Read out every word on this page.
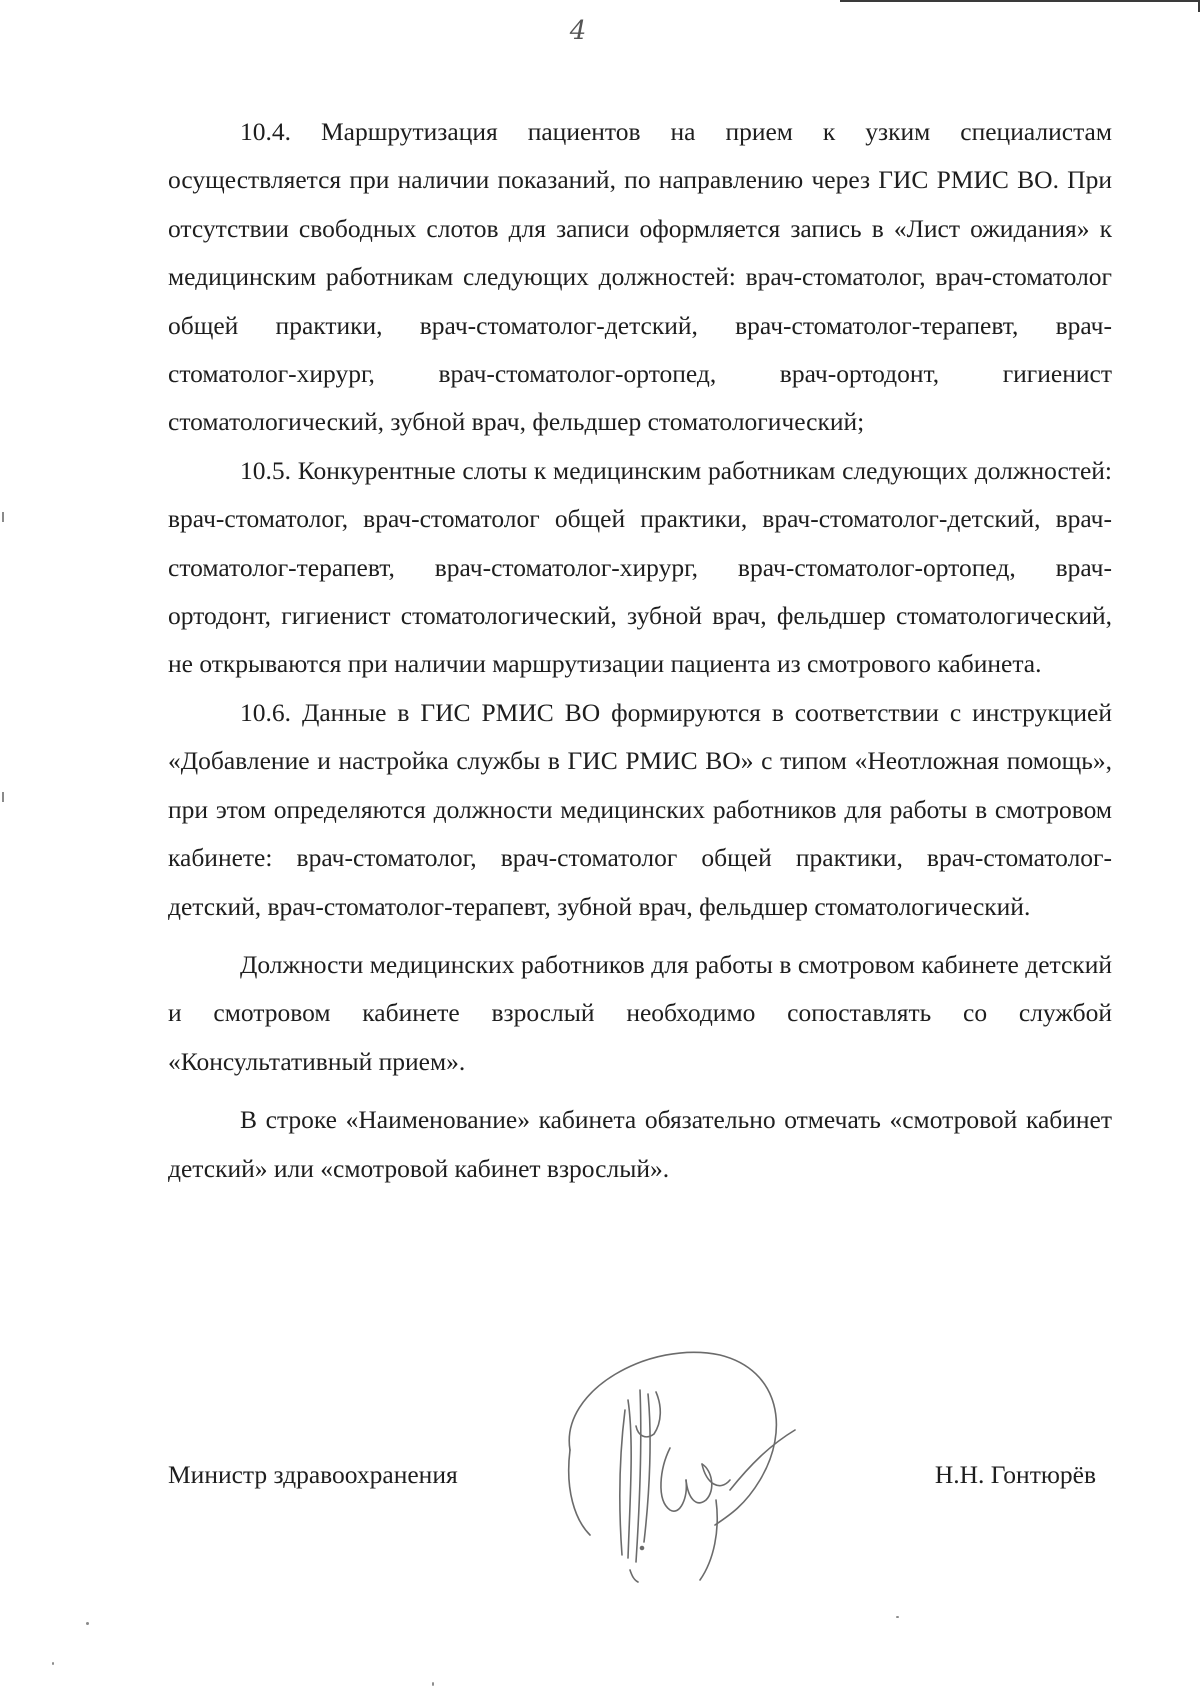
4

10.4. Маршрутизация пациентов на прием к узким специалистам осуществляется при наличии показаний, по направлению через ГИС РМИС ВО. При отсутствии свободных слотов для записи оформляется запись в «Лист ожидания» к медицинским работникам следующих должностей: врач-стоматолог, врач-стоматолог общей практики, врач-стоматолог-детский, врач-стоматолог-терапевт, врач-стоматолог-хирург, врач-стоматолог-ортопед, врач-ортодонт, гигиенист стоматологический, зубной врач, фельдшер стоматологический;

10.5. Конкурентные слоты к медицинским работникам следующих должностей: врач-стоматолог, врач-стоматолог общей практики, врач-стоматолог-детский, врач-стоматолог-терапевт, врач-стоматолог-хирург, врач-стоматолог-ортопед, врач-ортодонт, гигиенист стоматологический, зубной врач, фельдшер стоматологический, не открываются при наличии маршрутизации пациента из смотрового кабинета.

10.6. Данные в ГИС РМИС ВО формируются в соответствии с инструкцией «Добавление и настройка службы в ГИС РМИС ВО» с типом «Неотложная помощь», при этом определяются должности медицинских работников для работы в смотровом кабинете: врач-стоматолог, врач-стоматолог общей практики, врач-стоматолог-детский, врач-стоматолог-терапевт, зубной врач, фельдшер стоматологический.

Должности медицинских работников для работы в смотровом кабинете детский и смотровом кабинете взрослый необходимо сопоставлять со службой «Консультативный прием».

В строке «Наименование» кабинета обязательно отмечать «смотровой кабинет детский» или «смотровой кабинет взрослый».

Министр здравоохранения	Н.Н. Гонтюрёв
